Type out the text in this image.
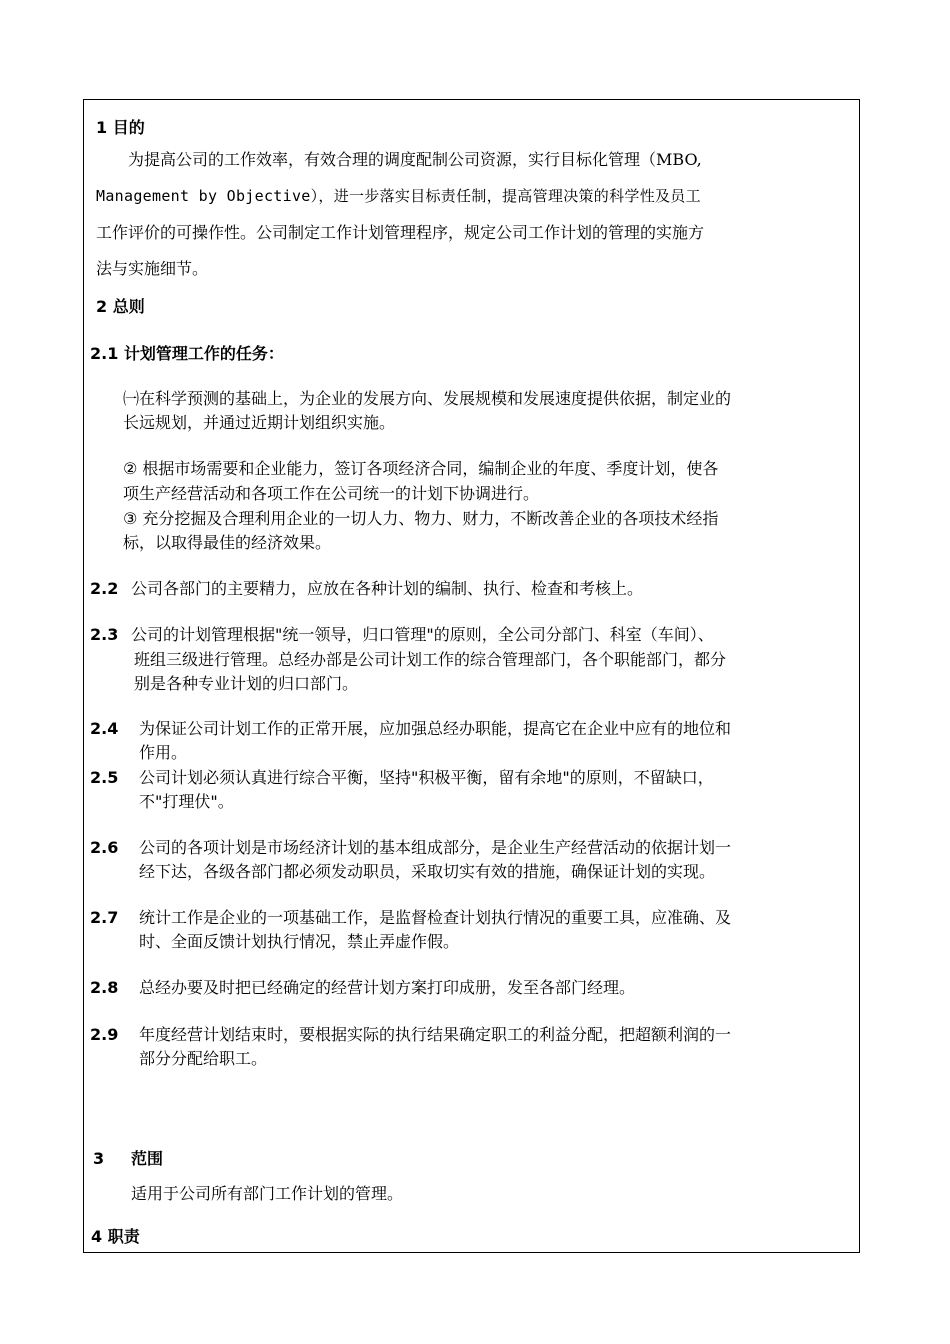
1 目的
为提高公司的工作效率，有效合理的调度配制公司资源，实行目标化管理（MBO,
Management by Objective），进一步落实目标责任制，提高管理决策的科学性及员工
工作评价的可操作性。公司制定工作计划管理程序，规定公司工作计划的管理的实施方
法与实施细节。
2 总则
2.1 计划管理工作的任务：
㈠在科学预测的基础上，为企业的发展方向、发展规模和发展速度提供依据，制定业的
长远规划，并通过近期计划组织实施。
② 根据市场需要和企业能力，签订各项经济合同，编制企业的年度、季度计划，使各
项生产经营活动和各项工作在公司统一的计划下协调进行。
③ 充分挖掘及合理利用企业的一切人力、物力、财力，不断改善企业的各项技术经指
标，以取得最佳的经济效果。
2.2 公司各部门的主要精力，应放在各种计划的编制、执行、检查和考核上。
2.3 公司的计划管理根据"统一领导，归口管理"的原则，全公司分部门、科室（车间）、
班组三级进行管理。总经办部是公司计划工作的综合管理部门，各个职能部门，都分
别是各种专业计划的归口部门。
2.4 为保证公司计划工作的正常开展，应加强总经办职能，提高它在企业中应有的地位和
作用。
2.5 公司计划必须认真进行综合平衡，坚持"积极平衡，留有余地"的原则，不留缺口，
不"打理伏"。
2.6 公司的各项计划是市场经济计划的基本组成部分，是企业生产经营活动的依据计划一
经下达，各级各部门都必须发动职员，采取切实有效的措施，确保证计划的实现。
2.7 统计工作是企业的一项基础工作，是监督检查计划执行情况的重要工具，应准确、及
时、全面反馈计划执行情况，禁止弄虚作假。
2.8 总经办要及时把已经确定的经营计划方案打印成册，发至各部门经理。
2.9 年度经营计划结束时，要根据实际的执行结果确定职工的利益分配，把超额利润的一
部分分配给职工。
3 范围
适用于公司所有部门工作计划的管理。
4 职责
